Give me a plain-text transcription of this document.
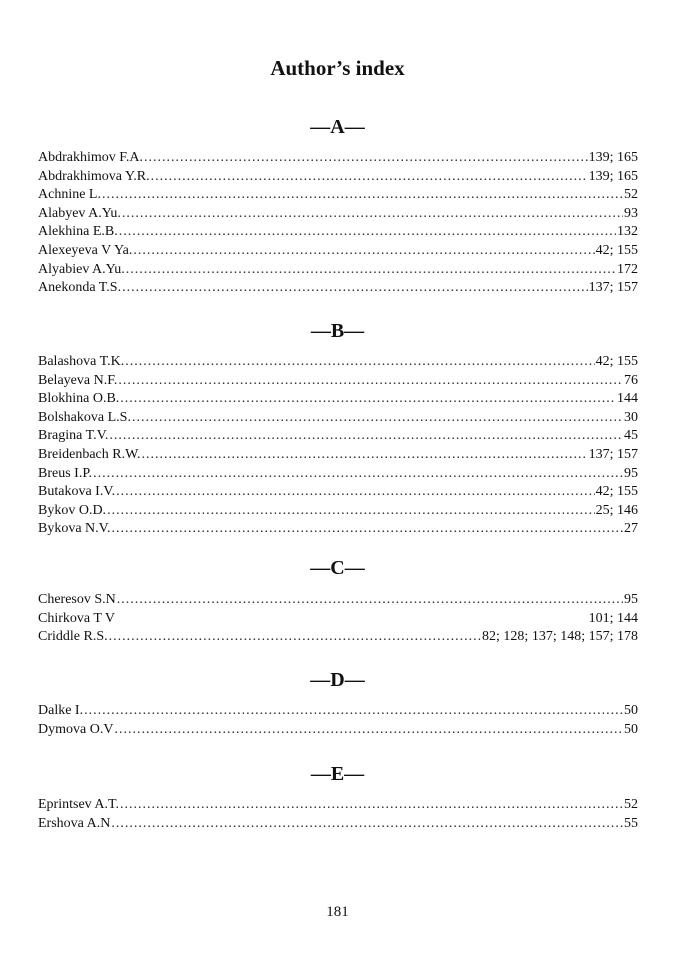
Author’s index
—A—
Abdrakhimov F.A. .....	139; 165
Abdrakhimova Y.R. .....	139; 165
Achnine L. .....	52
Alabyev A.Yu. .....	93
Alekhina E.B. .....	132
Alexeyeva V Ya. .....	42; 155
Alyabiev A.Yu. .....	172
Anekonda T.S. .....	137; 157
—B—
Balashova T.K. .....	42; 155
Belayeva N.F. .....	76
Blokhina O.B. .....	144
Bolshakova L.S. .....	30
Bragina T.V. .....	45
Breidenbach R.W. .....	137; 157
Breus I.P. .....	95
Butakova I.V. .....	42; 155
Bykov O.D. .....	25; 146
Bykova N.V. .....	27
—C—
Cheresov S.N .....	95
Chirkova T V	101; 144
Criddle R.S. .....	82; 128; 137; 148; 157; 178
—D—
Dalke I. .....	50
Dymova O.V .....	50
—E—
Eprintsev A.T. .....	52
Ershova A.N .....	55
181
